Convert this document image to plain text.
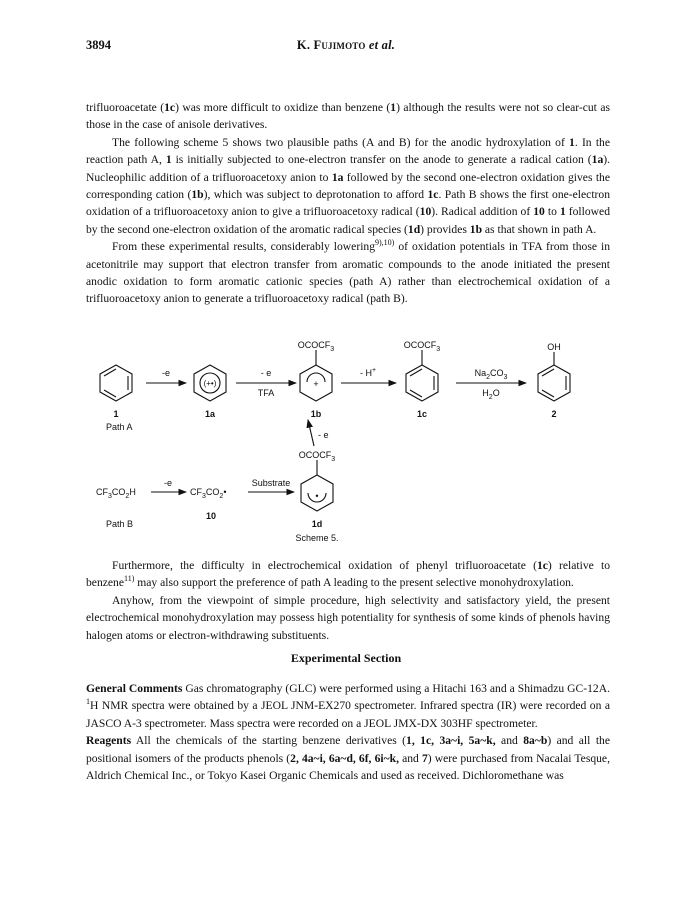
3894	K. Fujimoto et al.

trifluoroacetate (1c) was more difficult to oxidize than benzene (1) although the results were not so clear-cut as those in the case of anisole derivatives.

The following scheme 5 shows two plausible paths (A and B) for the anodic hydroxylation of 1. In the reaction path A, 1 is initially subjected to one-electron transfer on the anode to generate a radical cation (1a). Nucleophilic addition of a trifluoroacetoxy anion to 1a followed by the second one-electron oxidation gives the corresponding cation (1b), which was subject to deprotonation to afford 1c. Path B shows the first one-electron oxidation of a trifluoroacetoxy anion to give a trifluoroacetoxy radical (10). Radical addition of 10 to 1 followed by the second one-electron oxidation of the aromatic radical species (1d) provides 1b as that shown in path A.

From these experimental results, considerably lowering$^{9),10)}$ of oxidation potentials in TFA from those in acetonitrile may support that electron transfer from aromatic compounds to the anode initiated the present anodic oxidation to form aromatic cationic species (path A) rather than electrochemical oxidation of a trifluoroacetoxy anion to generate a trifluoroacetoxy radical (path B).

-e	- e
TFA
- H+	$Na_2CO_3$
$H_2O$
(+•)	+
•
$OCOCF_3$	$OCOCF_3$	OH
$OCOCF_3$
1	1a	1b	1c	2
Path A
- e
$CF_3CO_2H$
-e
$CF_3CO_2•$
Substrate
10
1d
Path B
Scheme 5.

Furthermore, the difficulty in electrochemical oxidation of phenyl trifluoroacetate (1c) relative to benzene$^{11)}$ may also support the preference of path A leading to the present selective monohydroxylation.

Anyhow, from the viewpoint of simple procedure, high selectivity and satisfactory yield, the present electrochemical monohydroxylation may possess high potentiality for synthesis of some kinds of phenols having halogen atoms or electron-withdrawing substituents.

Experimental Section

General Comments Gas chromatography (GLC) were performed using a Hitachi 163 and a Shimadzu GC-12A. $^1$H NMR spectra were obtained by a JEOL JNM-EX270 spectrometer. Infrared spectra (IR) were recorded on a JASCO A-3 spectrometer. Mass spectra were recorded on a JEOL JMX-DX 303HF spectrometer.

Reagents All the chemicals of the starting benzene derivatives (1, 1c, 3a~i, 5a~k, and 8a~b) and all the positional isomers of the products phenols (2, 4a~i, 6a~d, 6f, 6i~k, and 7) were purchased from Nacalai Tesque, Aldrich Chemical Inc., or Tokyo Kasei Organic Chemicals and used as received. Dichloromethane was
